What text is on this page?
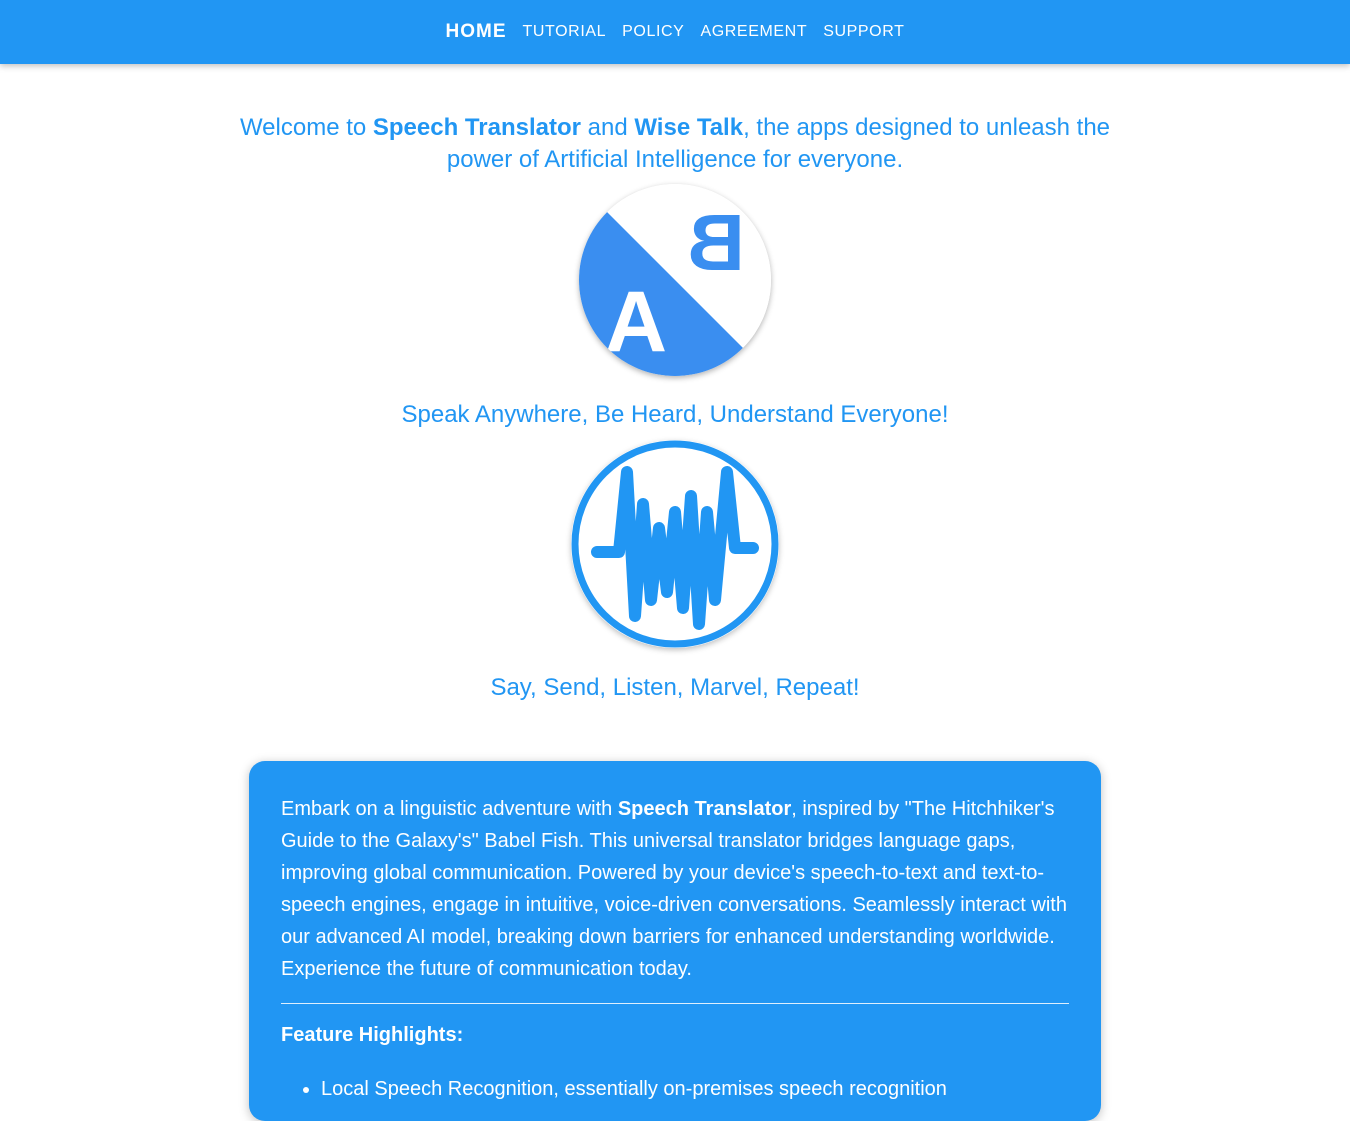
HOME TUTORIAL POLICY AGREEMENT SUPPORT

Welcome to Speech Translator and Wise Talk, the apps designed to unleash the power of Artificial Intelligence for everyone.

A
B

Speak Anywhere, Be Heard, Understand Everyone!

Say, Send, Listen, Marvel, Repeat!

Embark on a linguistic adventure with Speech Translator, inspired by "The Hitchhiker's Guide to the Galaxy's" Babel Fish. This universal translator bridges language gaps, improving global communication. Powered by your device's speech-to-text and text-to-speech engines, engage in intuitive, voice-driven conversations. Seamlessly interact with our advanced AI model, breaking down barriers for enhanced understanding worldwide. Experience the future of communication today.

Feature Highlights:

• Local Speech Recognition, essentially on-premises speech recognition
